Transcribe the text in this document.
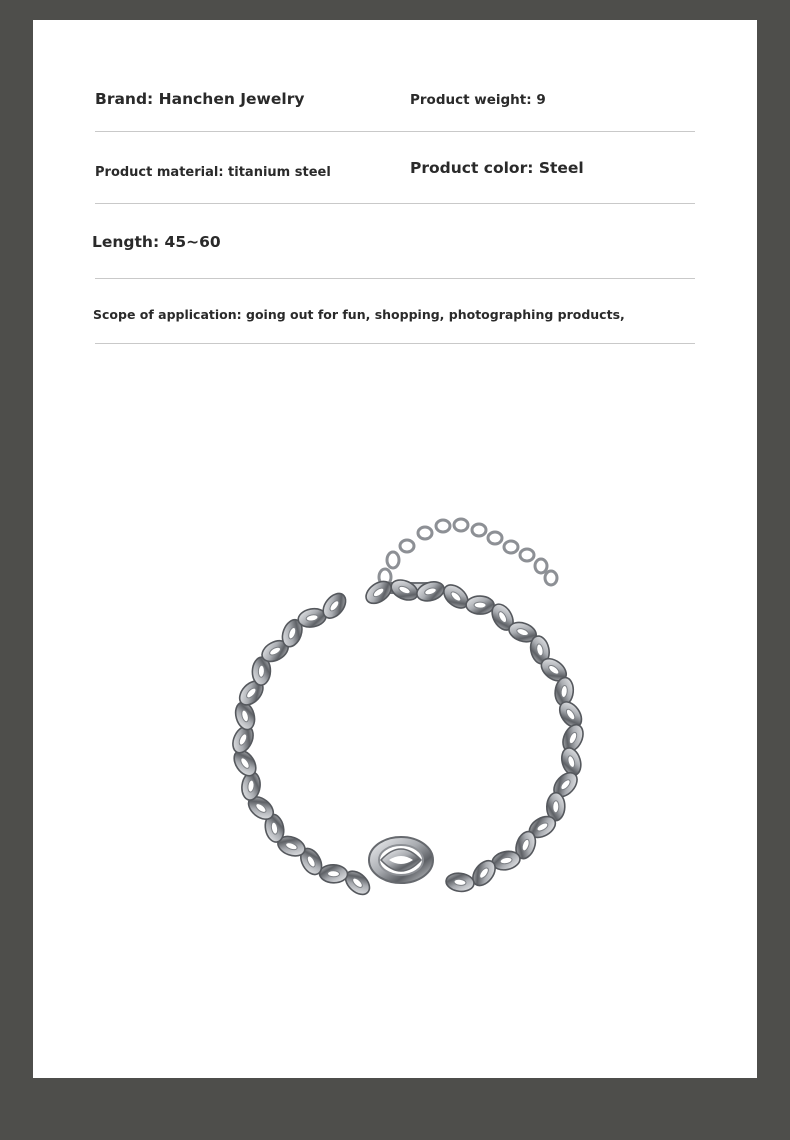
Brand: Hanchen Jewelry	Product weight: 9
Product material: titanium steel	Product color: Steel
Length: 45~60
Scope of application: going out for fun, shopping, photographing products,
